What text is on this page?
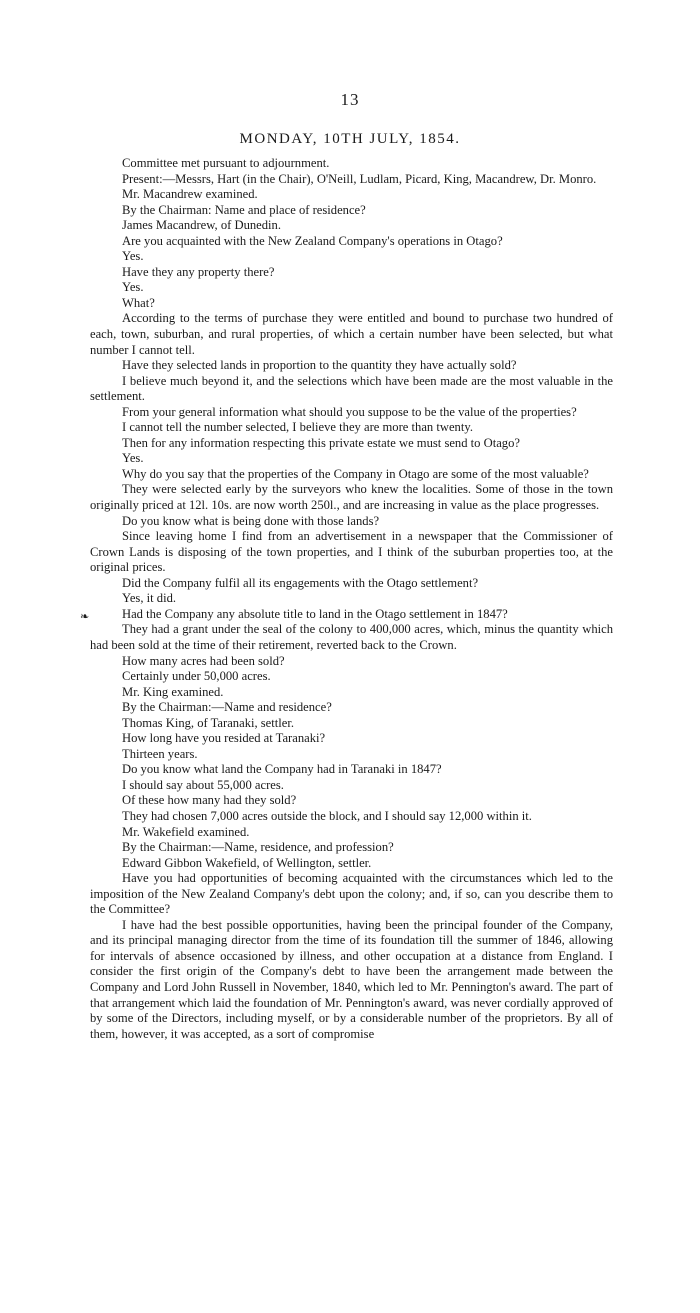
13
MONDAY, 10TH JULY, 1854.
❧

Committee met pursuant to adjournment.

Present:—Messrs, Hart (in the Chair), O'Neill, Ludlam, Picard, King, Macandrew, Dr. Monro.

Mr. Macandrew examined.

By the Chairman: Name and place of residence?

James Macandrew, of Dunedin.

Are you acquainted with the New Zealand Company's operations in Otago?

Yes.

Have they any property there?

Yes.

What?

According to the terms of purchase they were entitled and bound to purchase two hundred of each, town, suburban, and rural properties, of which a certain number have been selected, but what number I cannot tell.

Have they selected lands in proportion to the quantity they have actually sold?

I believe much beyond it, and the selections which have been made are the most valuable in the settlement.

From your general information what should you suppose to be the value of the properties?

I cannot tell the number selected, I believe they are more than twenty.

Then for any information respecting this private estate we must send to Otago?

Yes.

Why do you say that the properties of the Company in Otago are some of the most valuable?

They were selected early by the surveyors who knew the localities. Some of those in the town originally priced at 12l. 10s. are now worth 250l., and are increasing in value as the place progresses.

Do you know what is being done with those lands?

Since leaving home I find from an advertisement in a newspaper that the Commissioner of Crown Lands is disposing of the town properties, and I think of the suburban properties too, at the original prices.

Did the Company fulfil all its engagements with the Otago settlement?

Yes, it did.

Had the Company any absolute title to land in the Otago settlement in 1847?

They had a grant under the seal of the colony to 400,000 acres, which, minus the quantity which had been sold at the time of their retirement, reverted back to the Crown.

How many acres had been sold?

Certainly under 50,000 acres.

Mr. King examined.

By the Chairman:—Name and residence?

Thomas King, of Taranaki, settler.

How long have you resided at Taranaki?

Thirteen years.

Do you know what land the Company had in Taranaki in 1847?

I should say about 55,000 acres.

Of these how many had they sold?

They had chosen 7,000 acres outside the block, and I should say 12,000 within it.

Mr. Wakefield examined.

By the Chairman:—Name, residence, and profession?

Edward Gibbon Wakefield, of Wellington, settler.

Have you had opportunities of becoming acquainted with the circumstances which led to the imposition of the New Zealand Company's debt upon the colony; and, if so, can you describe them to the Committee?

I have had the best possible opportunities, having been the principal founder of the Company, and its principal managing director from the time of its foundation till the summer of 1846, allowing for intervals of absence occasioned by illness, and other occupation at a distance from England. I consider the first origin of the Company's debt to have been the arrangement made between the Company and Lord John Russell in November, 1840, which led to Mr. Pennington's award. The part of that arrangement which laid the foundation of Mr. Pennington's award, was never cordially approved of by some of the Directors, including myself, or by a considerable number of the proprietors. By all of them, however, it was accepted, as a sort of compromise
